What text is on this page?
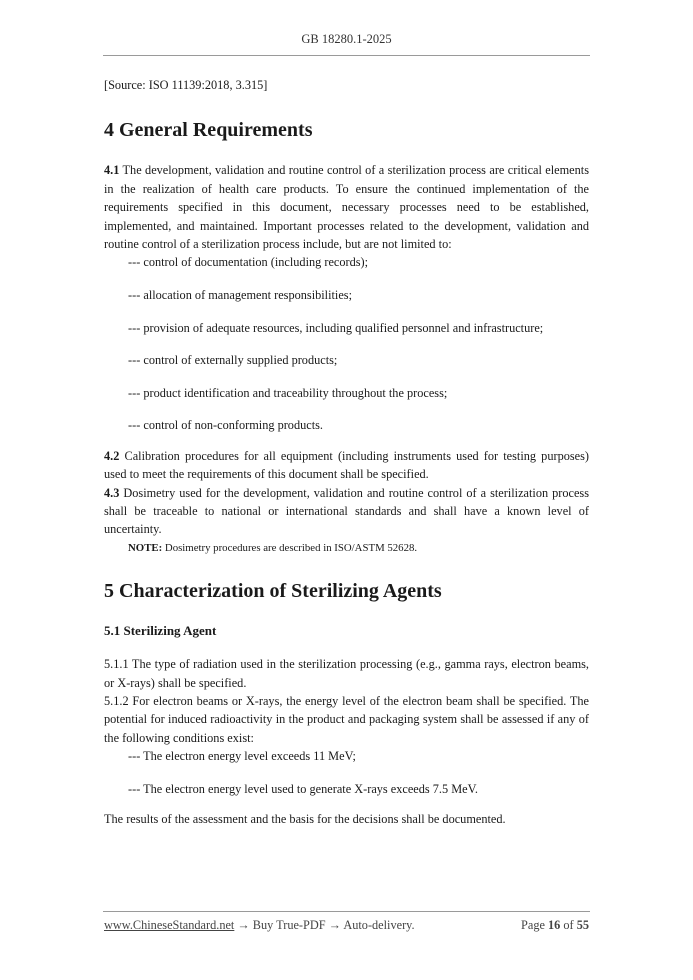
GB 18280.1-2025

[Source: ISO 11139:2018, 3.315]

4 General Requirements

4.1 The development, validation and routine control of a sterilization process are critical elements in the realization of health care products. To ensure the continued implementation of the requirements specified in this document, necessary processes need to be established, implemented, and maintained. Important processes related to the development, validation and routine control of a sterilization process include, but are not limited to:

--- control of documentation (including records);
--- allocation of management responsibilities;
--- provision of adequate resources, including qualified personnel and infrastructure;
--- control of externally supplied products;
--- product identification and traceability throughout the process;
--- control of non-conforming products.

4.2 Calibration procedures for all equipment (including instruments used for testing purposes) used to meet the requirements of this document shall be specified.

4.3 Dosimetry used for the development, validation and routine control of a sterilization process shall be traceable to national or international standards and shall have a known level of uncertainty.

NOTE: Dosimetry procedures are described in ISO/ASTM 52628.

5 Characterization of Sterilizing Agents
5.1 Sterilizing Agent

5.1.1 The type of radiation used in the sterilization processing (e.g., gamma rays, electron beams, or X-rays) shall be specified.

5.1.2 For electron beams or X-rays, the energy level of the electron beam shall be specified. The potential for induced radioactivity in the product and packaging system shall be assessed if any of the following conditions exist:

--- The electron energy level exceeds 11 MeV;
--- The electron energy level used to generate X-rays exceeds 7.5 MeV.

The results of the assessment and the basis for the decisions shall be documented.

www.ChineseStandard.net → Buy True-PDF → Auto-delivery.	Page 16 of 55
